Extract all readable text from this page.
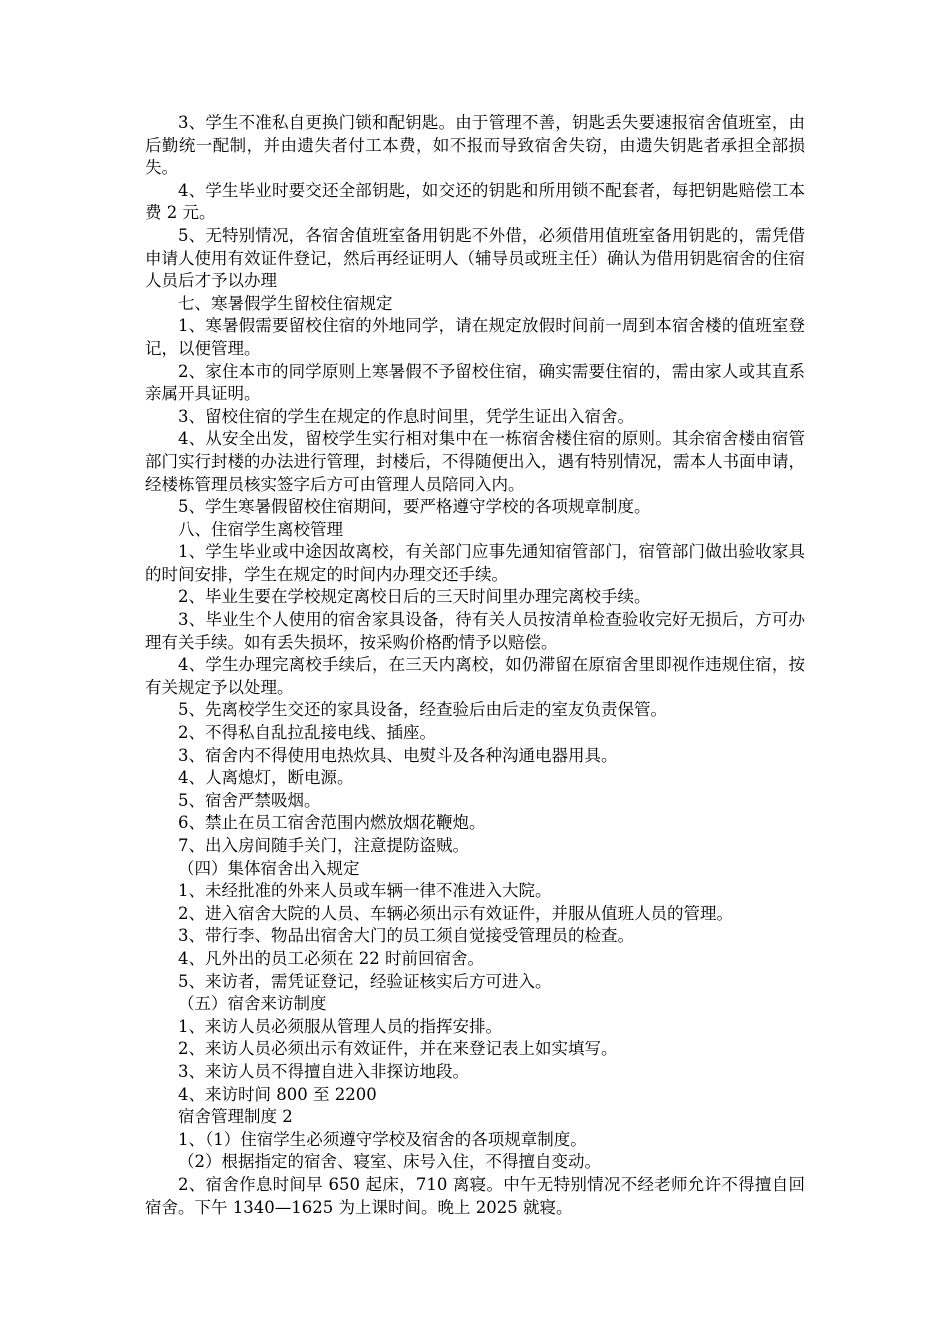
3、学生不准私自更换门锁和配钥匙。由于管理不善，钥匙丢失要速报宿舍值班室，由后勤统一配制，并由遗失者付工本费，如不报而导致宿舍失窃，由遗失钥匙者承担全部损失。

4、学生毕业时要交还全部钥匙，如交还的钥匙和所用锁不配套者，每把钥匙赔偿工本费 2 元。

5、无特别情况，各宿舍值班室备用钥匙不外借，必须借用值班室备用钥匙的，需凭借申请人使用有效证件登记，然后再经证明人（辅导员或班主任）确认为借用钥匙宿舍的住宿人员后才予以办理

七、寒暑假学生留校住宿规定

1、寒暑假需要留校住宿的外地同学，请在规定放假时间前一周到本宿舍楼的值班室登记，以便管理。

2、家住本市的同学原则上寒暑假不予留校住宿，确实需要住宿的，需由家人或其直系亲属开具证明。

3、留校住宿的学生在规定的作息时间里，凭学生证出入宿舍。

4、从安全出发，留校学生实行相对集中在一栋宿舍楼住宿的原则。其余宿舍楼由宿管部门实行封楼的办法进行管理，封楼后，不得随便出入，遇有特别情况，需本人书面申请，经楼栋管理员核实签字后方可由管理人员陪同入内。

5、学生寒暑假留校住宿期间，要严格遵守学校的各项规章制度。

八、住宿学生离校管理

1、学生毕业或中途因故离校，有关部门应事先通知宿管部门，宿管部门做出验收家具的时间安排，学生在规定的时间内办理交还手续。

2、毕业生要在学校规定离校日后的三天时间里办理完离校手续。

3、毕业生个人使用的宿舍家具设备，待有关人员按清单检查验收完好无损后，方可办理有关手续。如有丢失损坏，按采购价格酌情予以赔偿。

4、学生办理完离校手续后，在三天内离校，如仍滞留在原宿舍里即视作违规住宿，按有关规定予以处理。

5、先离校学生交还的家具设备，经查验后由后走的室友负责保管。

2、不得私自乱拉乱接电线、插座。

3、宿舍内不得使用电热炊具、电熨斗及各种沟通电器用具。

4、人离熄灯，断电源。

5、宿舍严禁吸烟。

6、禁止在员工宿舍范围内燃放烟花鞭炮。

7、出入房间随手关门，注意提防盗贼。

（四）集体宿舍出入规定

1、未经批准的外来人员或车辆一律不准进入大院。

2、进入宿舍大院的人员、车辆必须出示有效证件，并服从值班人员的管理。

3、带行李、物品出宿舍大门的员工须自觉接受管理员的检查。

4、凡外出的员工必须在 22 时前回宿舍。

5、来访者，需凭证登记，经验证核实后方可进入。

（五）宿舍来访制度

1、来访人员必须服从管理人员的指挥安排。

2、来访人员必须出示有效证件，并在来登记表上如实填写。

3、来访人员不得擅自进入非探访地段。

4、来访时间 800 至 2200

宿舍管理制度 2

1、（1）住宿学生必须遵守学校及宿舍的各项规章制度。

（2）根据指定的宿舍、寝室、床号入住，不得擅自变动。

2、宿舍作息时间早 650 起床，710 离寝。中午无特别情况不经老师允许不得擅自回宿舍。下午 1340—1625 为上课时间。晚上 2025 就寝。
